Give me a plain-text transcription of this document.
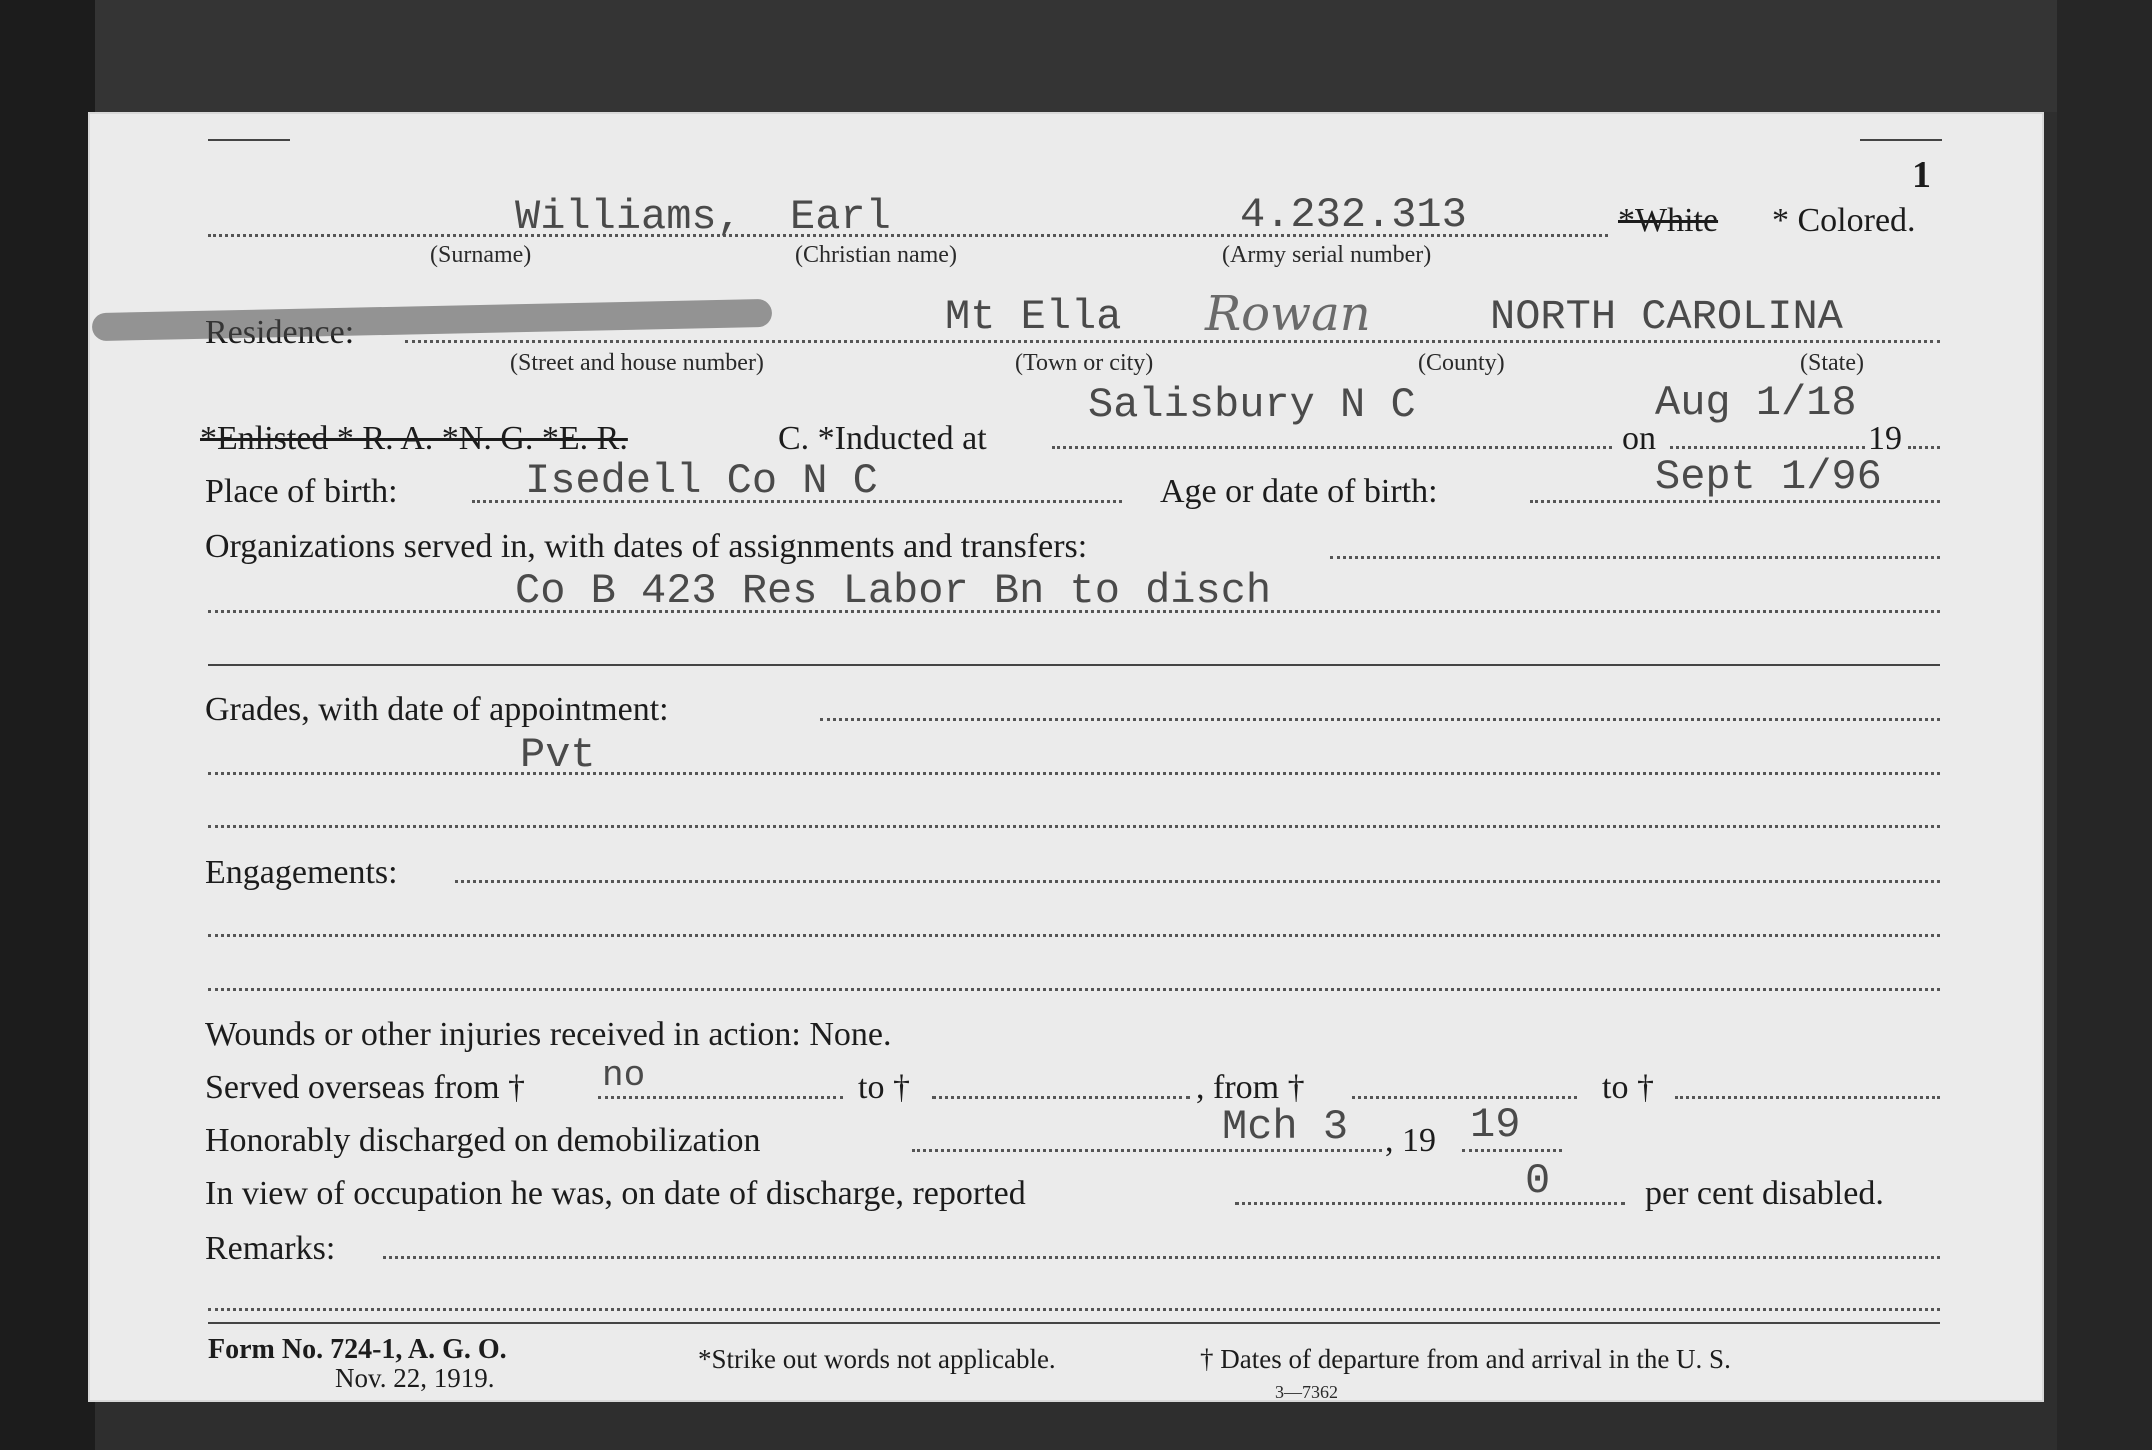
1
Williams, Earl	4.232.313	*White * Colored.
(Surname)	(Christian name)	(Army serial number)
Mt Ella Rowan	NORTH CAROLINA
(Street and house number)	(Town or city)	(County)	(State)
*Enlisted * R. A. *N. G. *E. R.	C. *Inducted at
Salisbury N C
on
Aug 1/18
19
Place of birth:	Isedell Co N C	Age or date of birth:	Sept 1/96
Organizations served in, with dates of assignments and transfers:
Co B 423 Res Labor Bn to disch
Grades, with date of appointment:
Pvt
Engagements:
Wounds or other injuries received in action: None.
Served overseas from † no	to †	, from †	to †
Honorably discharged on demobilization	Mch 3 , 19 19
In view of occupation he was, on date of discharge, reported	0	per cent disabled.
Remarks:
Form No. 724-1, A. G. O.
Nov. 22, 1919.
*Strike out words not applicable.	† Dates of departure from and arrival in the U. S.
3—7362
